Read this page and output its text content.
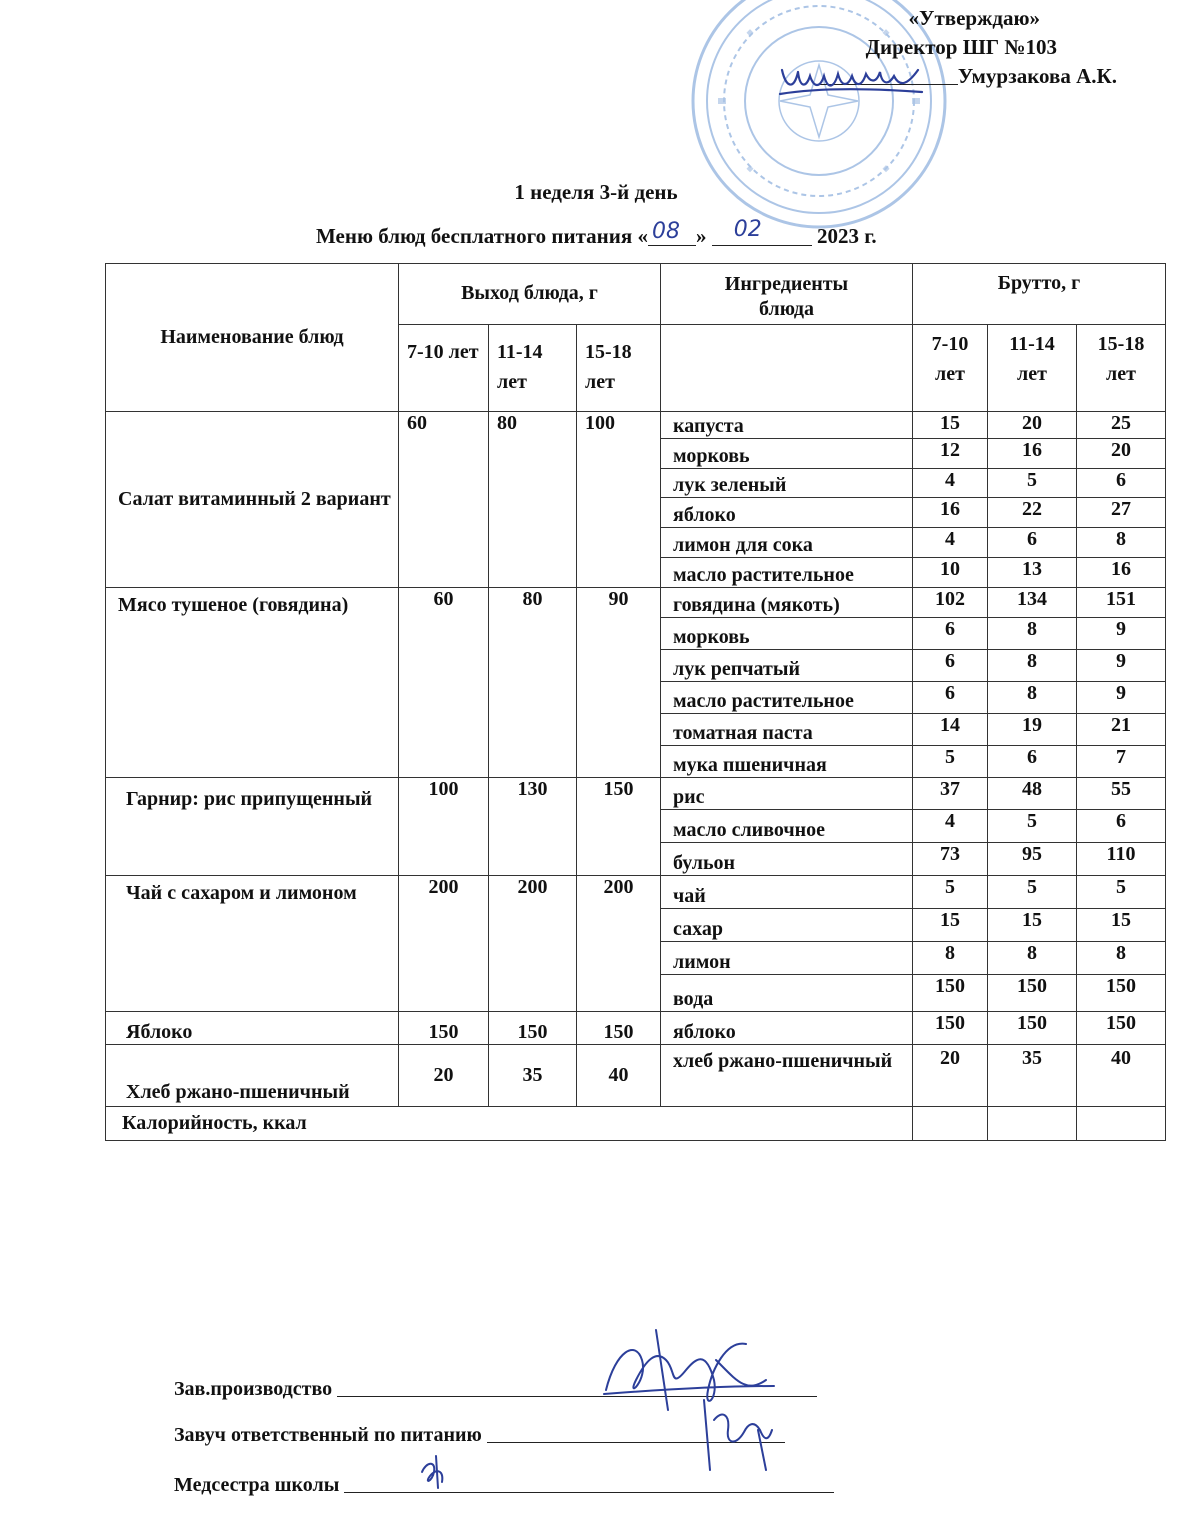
«Утверждаю»
Директор ШГ №103
Умурзакова А.К.
1 неделя 3-й день
Меню блюд бесплатного питания « 08 » 02	2023 г.
Наименование блюд	Выход блюда, г			Ингредиенты блюда	Брутто, г		
	7-10 лет	11-14 лет	15-18 лет		7-10 лет	11-14 лет	15-18 лет
Салат витаминный 2 вариант	60	80	100	капуста	15	20	25
				морковь	12	16	20
				лук зеленый	4	5	6
				яблоко	16	22	27
				лимон для сока	4	6	8
				масло растительное	10	13	16
Мясо тушеное (говядина)	60	80	90	говядина (мякоть)	102	134	151
				морковь	6	8	9
				лук репчатый	6	8	9
				масло растительное	6	8	9
				томатная паста	14	19	21
				мука пшеничная	5	6	7
Гарнир: рис припущенный	100	130	150	рис	37	48	55
				масло сливочное	4	5	6
				бульон	73	95	110
Чай с сахаром и лимоном	200	200	200	чай	5	5	5
				сахар	15	15	15
				лимон	8	8	8
				вода	150	150	150
Яблоко	150	150	150	яблоко	150	150	150
Хлеб ржано-пшеничный	20	35	40	хлеб ржано-пшеничный	20	35	40
Калорийность, ккал							
Зав.производство
Завуч ответственный по питанию
Медсестра школы
